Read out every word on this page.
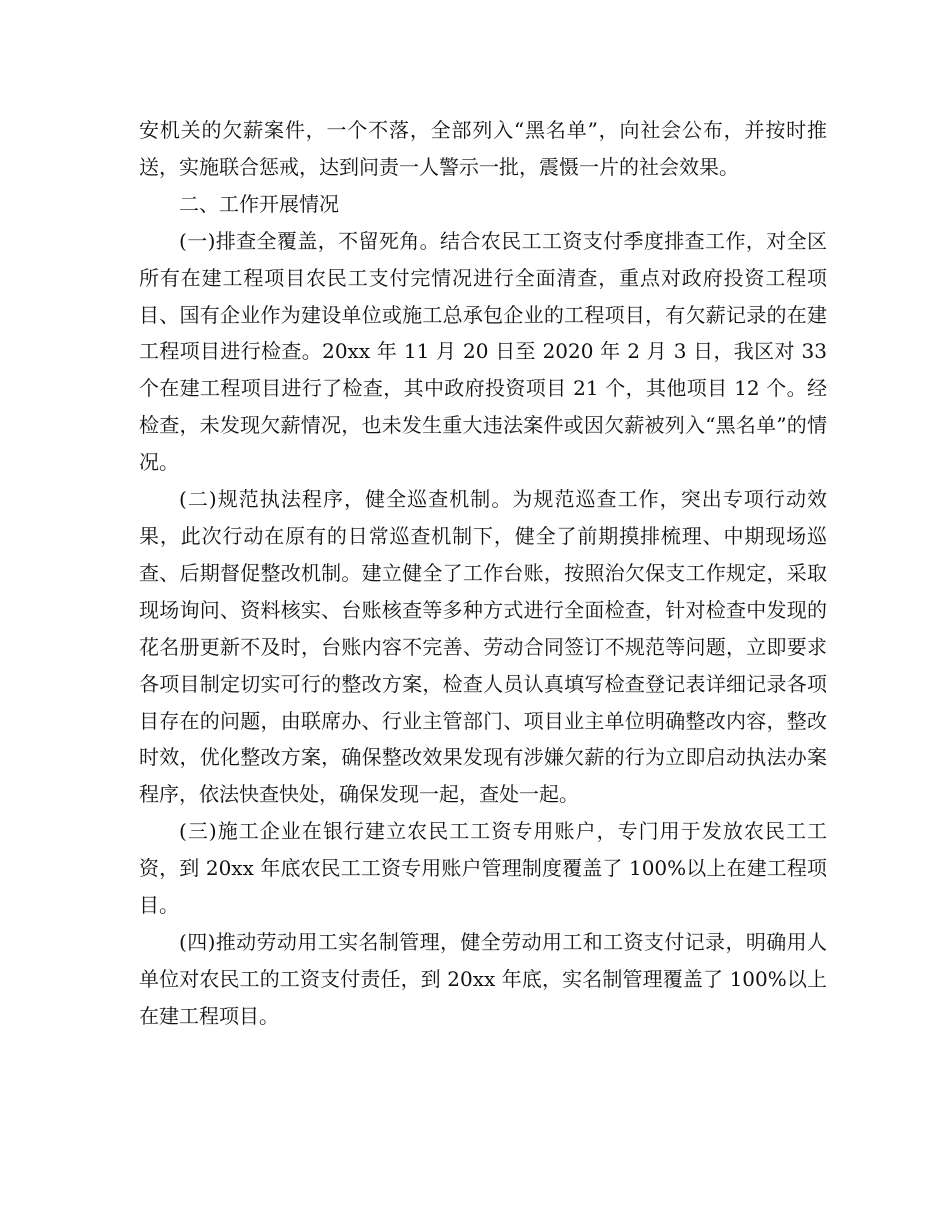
安机关的欠薪案件，一个不落，全部列入“黑名单”，向社会公布，并按时推送，实施联合惩戒，达到问责一人警示一批，震慑一片的社会效果。

二、工作开展情况

(一)排查全覆盖，不留死角。结合农民工工资支付季度排查工作，对全区所有在建工程项目农民工支付完情况进行全面清查，重点对政府投资工程项目、国有企业作为建设单位或施工总承包企业的工程项目，有欠薪记录的在建工程项目进行检查。20xx 年 11 月 20 日至 2020 年 2 月 3 日，我区对 33 个在建工程项目进行了检查，其中政府投资项目 21 个，其他项目 12 个。经检查，未发现欠薪情况，也未发生重大违法案件或因欠薪被列入“黑名单”的情况。

(二)规范执法程序，健全巡查机制。为规范巡查工作，突出专项行动效果，此次行动在原有的日常巡查机制下，健全了前期摸排梳理、中期现场巡查、后期督促整改机制。建立健全了工作台账，按照治欠保支工作规定，采取现场询问、资料核实、台账核查等多种方式进行全面检查，针对检查中发现的花名册更新不及时，台账内容不完善、劳动合同签订不规范等问题，立即要求各项目制定切实可行的整改方案，检查人员认真填写检查登记表详细记录各项目存在的问题，由联席办、行业主管部门、项目业主单位明确整改内容，整改时效，优化整改方案，确保整改效果发现有涉嫌欠薪的行为立即启动执法办案程序，依法快查快处，确保发现一起，查处一起。

(三)施工企业在银行建立农民工工资专用账户，专门用于发放农民工工资，到 20xx 年底农民工工资专用账户管理制度覆盖了 100%以上在建工程项目。

(四)推动劳动用工实名制管理，健全劳动用工和工资支付记录，明确用人单位对农民工的工资支付责任，到 20xx 年底，实名制管理覆盖了 100%以上在建工程项目。
